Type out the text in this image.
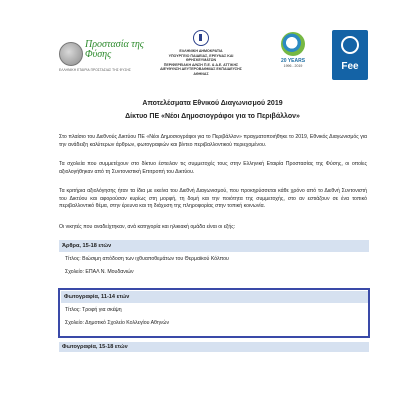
Προστασία της Φύσης
ΕΛΛΗΝΙΚΗ ΕΤΑΙΡΙΑ ΠΡΟΣΤΑΣΙΑΣ ΤΗΣ ΦΥΣΗΣ
ΕΛΛΗΝΙΚΗ ΔΗΜΟΚΡΑΤΙΑ
ΥΠΟΥΡΓΕΙΟ ΠΑΙΔΕΙΑΣ, ΕΡΕΥΝΑΣ ΚΑΙ ΘΡΗΣΚΕΥΜΑΤΩΝ
ΠΕΡΙΦΕΡΕΙΑΚΗ Δ/ΝΣΗ Π.Ε. & Δ.Ε. ΑΤΤΙΚΗΣ
ΔΙΕΥΘΥΝΣΗ ΔΕΥΤΕΡΟΒΑΘΜΙΑΣ ΕΚΠΑΙΔΕΥΣΗΣ ΑΘΗΝΑΣ
20 YEARS
1996 - 2019	Fee
Αποτελέσματα Εθνικού Διαγωνισμού 2019
Δίκτυο ΠΕ «Νέοι Δημοσιογράφοι για το Περιβάλλον»

Στο πλαίσιο του Διεθνούς Δικτύου ΠΕ «Νέοι Δημοσιογράφοι για το Περιβάλλον» πραγματοποιήθηκε το 2019, Εθνικός Διαγωνισμός για την ανάδειξη καλύτερων άρθρων, φωτογραφιών και βίντεο περιβαλλοντικού περιεχομένου.

Τα σχολεία που συμμετέχουν στο δίκτυο έστειλαν τις συμμετοχές τους στην Ελληνική Εταιρία Προστασίας της Φύσης, οι οποίες αξιολογήθηκαν από τη Συντονιστική Επιτροπή του Δικτύου.

Τα κριτήρια αξιολόγησης ήταν τα ίδια με εκείνα του Διεθνή Διαγωνισμού, που προκηρύσσεται κάθε χρόνο από το Διεθνή Συντονιστή του Δικτύου και αφορούσαν κυρίως στη μορφή, τη δομή και την ποιότητα της συμμετοχής, στο αν εστιάζουν σε ένα τοπικό περιβαλλοντικό θέμα, στην έρευνα και τη διάχυση της πληροφορίας στην τοπική κοινωνία.

Οι νικητές που αναδείχτηκαν, ανά κατηγορία και ηλικιακή ομάδα είναι οι εξής:

Άρθρα, 15-18 ετών
Τίτλος: Βιώσιμη απόδοση των ιχθυαποθεμάτων του Θερμαϊκού Κόλπου
Σχολείο: ΕΠΑΛ Ν. Μουδανιών
Φωτογραφία, 11-14 ετών
Τίτλος: Τροφή για σκέψη
Σχολείο: Δημοτικό Σχολείο Κολλεγίου Αθηνών
Φωτογραφία, 15-18 ετών
